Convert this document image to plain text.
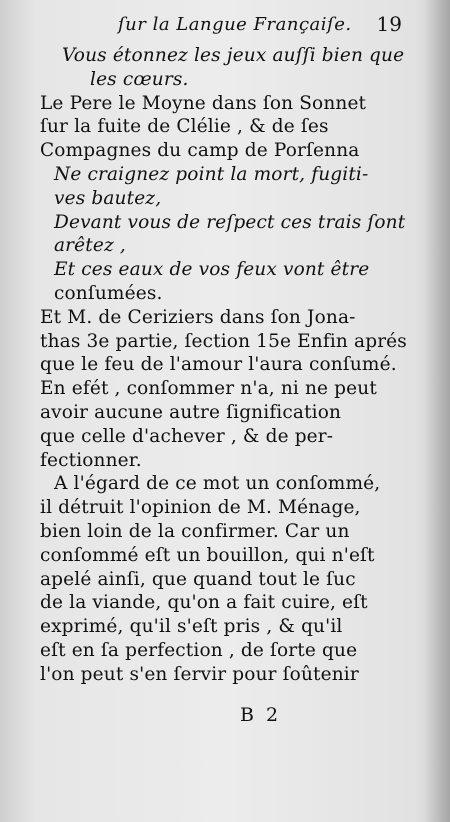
ſur la Langue Françaiſe.	19
Vous étonnez les jeux auſſi bien que
les cœurs.
Le Pere le Moyne dans ſon Sonnet
ſur la fuite de Clélie , & de ſes
Compagnes du camp de Porſenna
Ne craignez point la mort, fugiti-
ves bautez,
Devant vous de reſpect ces trais ſont
arêtez ,
Et ces eaux de vos feux vont être
conſumées.
Et M. de Ceriziers dans ſon Jona-
thas 3e partie, ſection 15e Enfin aprés
que le feu de l'amour l'aura conſumé.
En efét , conſommer n'a, ni ne peut
avoir aucune autre ſignification
que celle d'achever , & de per-
fectionner.
A l'égard de ce mot un conſommé,
il détruit l'opinion de M. Ménage,
bien loin de la confirmer. Car un
conſommé eſt un bouillon, qui n'eſt
apelé ainſi, que quand tout le ſuc
de la viande, qu'on a fait cuire, eſt
exprimé, qu'il s'eſt pris , & qu'il
eſt en ſa perfection , de ſorte que
l'on peut s'en ſervir pour ſoûtenir
B 2
